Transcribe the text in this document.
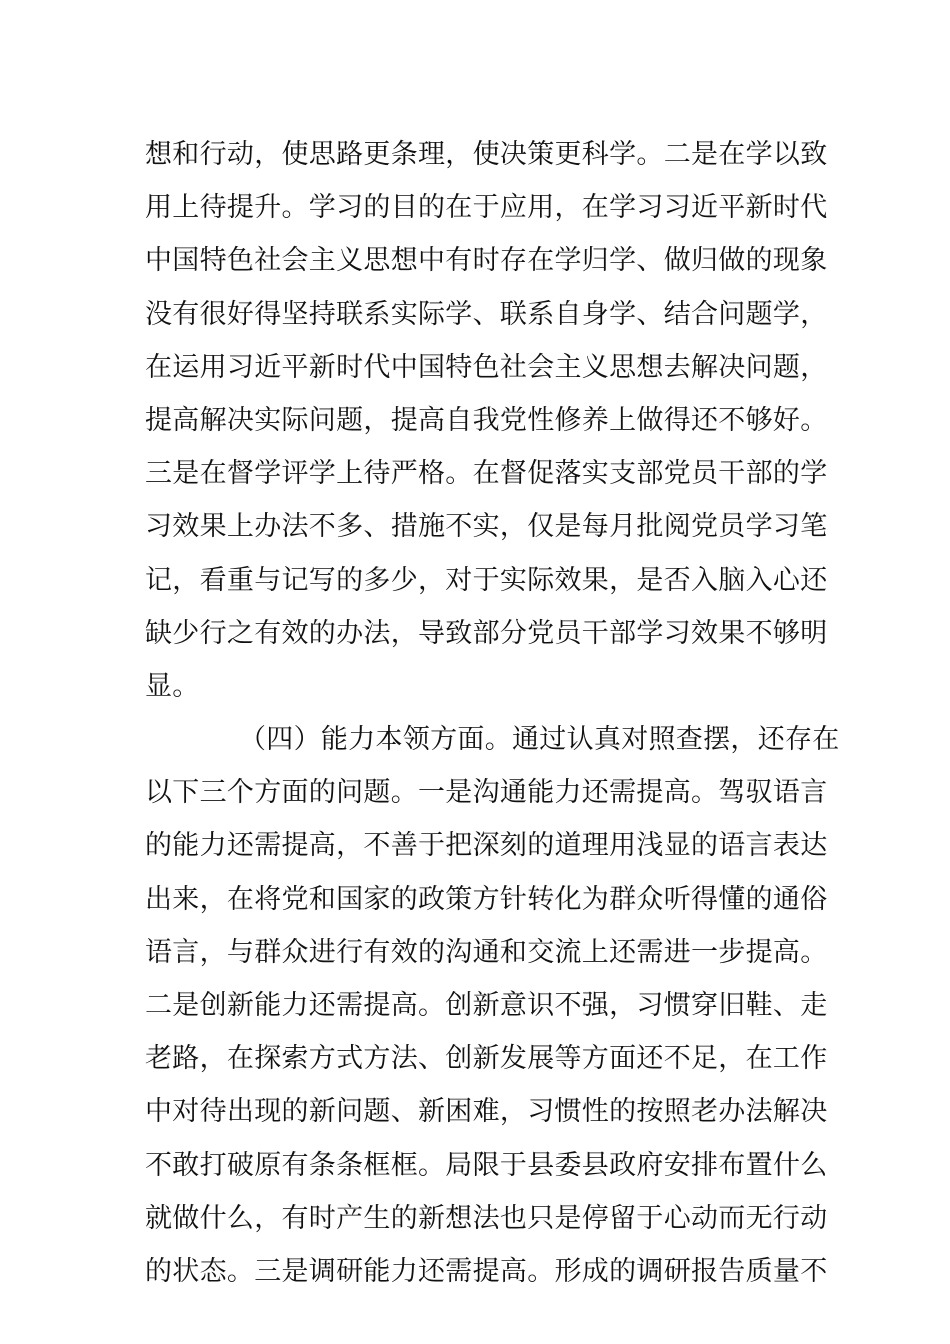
想和行动，使思路更条理，使决策更科学。二是在学以致
用上待提升。学习的目的在于应用，在学习习近平新时代
中国特色社会主义思想中有时存在学归学、做归做的现象
没有很好得坚持联系实际学、联系自身学、结合问题学，
在运用习近平新时代中国特色社会主义思想去解决问题，
提高解决实际问题，提高自我党性修养上做得还不够好。
三是在督学评学上待严格。在督促落实支部党员干部的学
习效果上办法不多、措施不实，仅是每月批阅党员学习笔
记，看重与记写的多少，对于实际效果，是否入脑入心还
缺少行之有效的办法，导致部分党员干部学习效果不够明
显。
（四）能力本领方面。通过认真对照查摆，还存在
以下三个方面的问题。一是沟通能力还需提高。驾驭语言
的能力还需提高，不善于把深刻的道理用浅显的语言表达
出来，在将党和国家的政策方针转化为群众听得懂的通俗
语言，与群众进行有效的沟通和交流上还需进一步提高。
二是创新能力还需提高。创新意识不强，习惯穿旧鞋、走
老路，在探索方式方法、创新发展等方面还不足，在工作
中对待出现的新问题、新困难，习惯性的按照老办法解决
不敢打破原有条条框框。局限于县委县政府安排布置什么
就做什么，有时产生的新想法也只是停留于心动而无行动
的状态。三是调研能力还需提高。形成的调研报告质量不
